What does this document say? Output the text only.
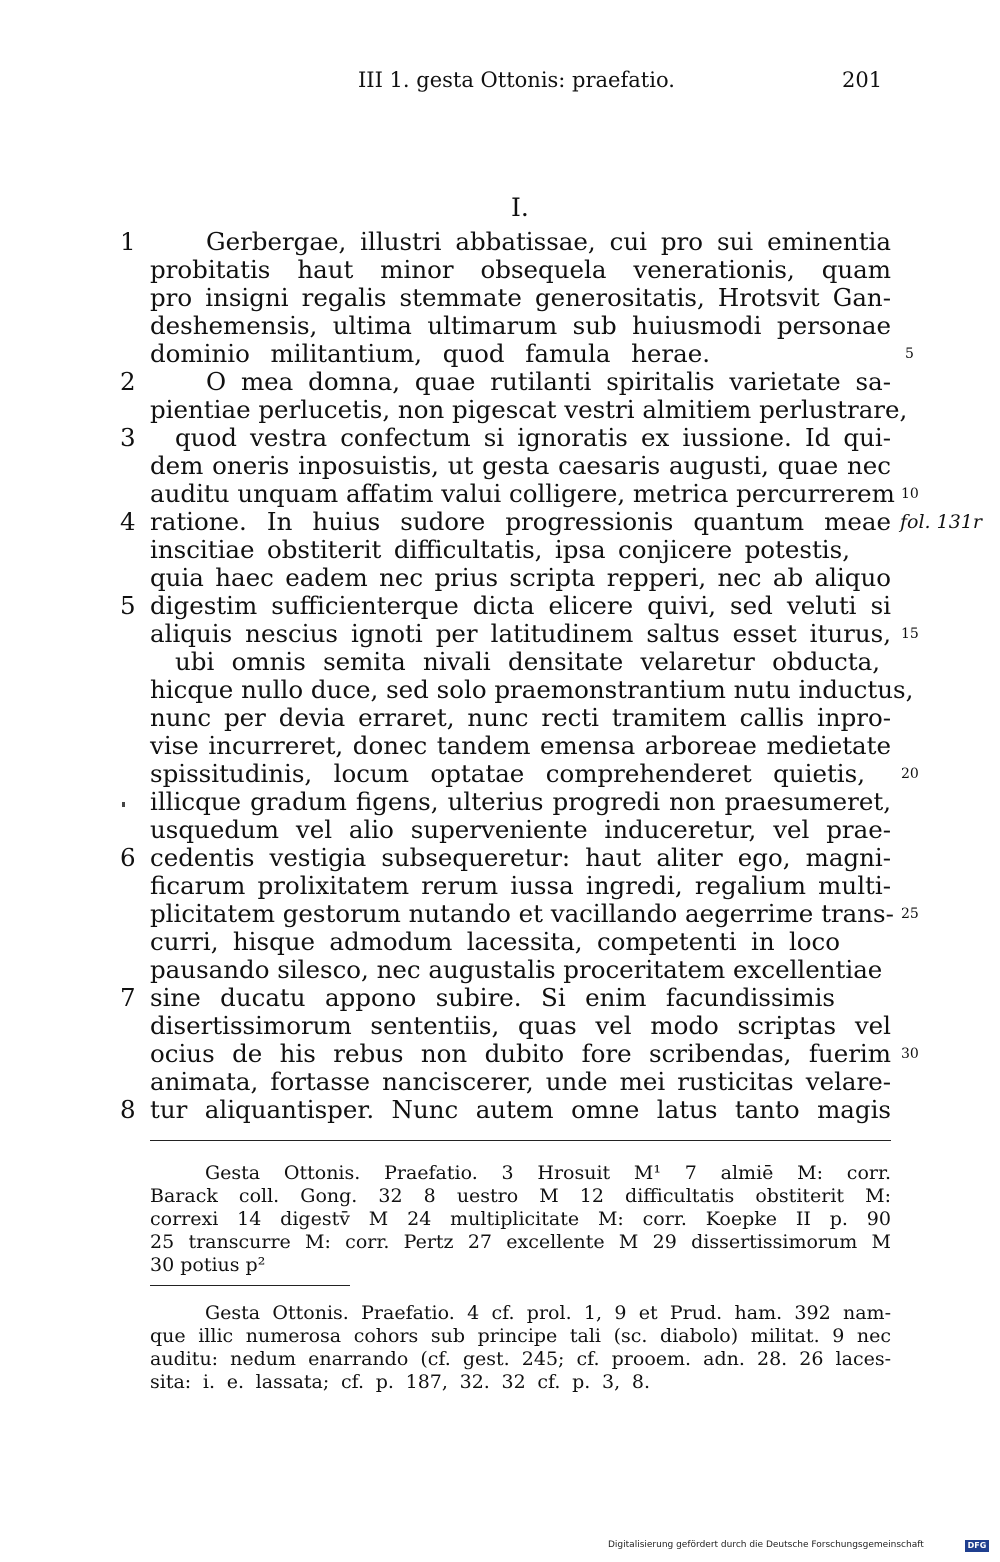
III 1. gesta Ottonis: praefatio.	201
I.
Gerbergae, illustri abbatissae, cui pro sui eminentia
probitatis haut minor obsequela venerationis, quam
pro insigni regalis stemmate generositatis, Hrotsvit Gan-
deshemensis, ultima ultimarum sub huiusmodi personae
dominio militantium, quod famula herae.
O mea domna, quae rutilanti spiritalis varietate sa-
pientiae perlucetis, non pigescat vestri almitiem perlustrare,
quod vestra confectum si ignoratis ex iussione. Id qui-
dem oneris inposuistis, ut gesta caesaris augusti, quae nec
auditu unquam affatim valui colligere, metrica percurrerem
ratione. In huius sudore progressionis quantum meae
inscitiae obstiterit difficultatis, ipsa conjicere potestis,
quia haec eadem nec prius scripta repperi, nec ab aliquo
digestim sufficienterque dicta elicere quivi, sed veluti si
aliquis nescius ignoti per latitudinem saltus esset iturus,
ubi omnis semita nivali densitate velaretur obducta,
hicque nullo duce, sed solo praemonstrantium nutu inductus,
nunc per devia erraret, nunc recti tramitem callis inpro-
vise incurreret, donec tandem emensa arboreae medietate
spissitudinis, locum optatae comprehenderet quietis,
illicque gradum figens, ulterius progredi non praesumeret,
usquedum vel alio superveniente induceretur, vel prae-
cedentis vestigia subsequeretur: haut aliter ego, magni-
ficarum prolixitatem rerum iussa ingredi, regalium multi-
plicitatem gestorum nutando et vacillando aegerrime trans-
curri, hisque admodum lacessita, competenti in loco
pausando silesco, nec augustalis proceritatem excellentiae
sine ducatu appono subire. Si enim facundissimis
disertissimorum sententiis, quas vel modo scriptas vel
ocius de his rebus non dubito fore scribendas, fuerim
animata, fortasse nanciscerer, unde mei rusticitas velare-
tur aliquantisper. Nunc autem omne latus tanto magis
1
2
3
4
5
6
7
8
5
10
15
20
25
30
fol. 131r
Gesta Ottonis. Praefatio. 3 Hrosuit M¹ 7 almiē M: corr.
Barack coll. Gong. 32 8 uestro M 12 difficultatis obstiterit M:
correxi 14 digestv̄ M 24 multiplicitate M: corr. Koepke II p. 90
25 transcurre M: corr. Pertz 27 excellente M 29 dissertissimorum M
30 potius p²
Gesta Ottonis. Praefatio. 4 cf. prol. 1, 9 et Prud. ham. 392 nam-
que illic numerosa cohors sub principe tali (sc. diabolo) militat. 9 nec
auditu: nedum enarrando (cf. gest. 245; cf. prooem. adn. 28. 26 laces-
sita: i. e. lassata; cf. p. 187, 32. 32 cf. p. 3, 8.
Digitalisierung gefördert durch die Deutsche Forschungsgemeinschaft	DFG
